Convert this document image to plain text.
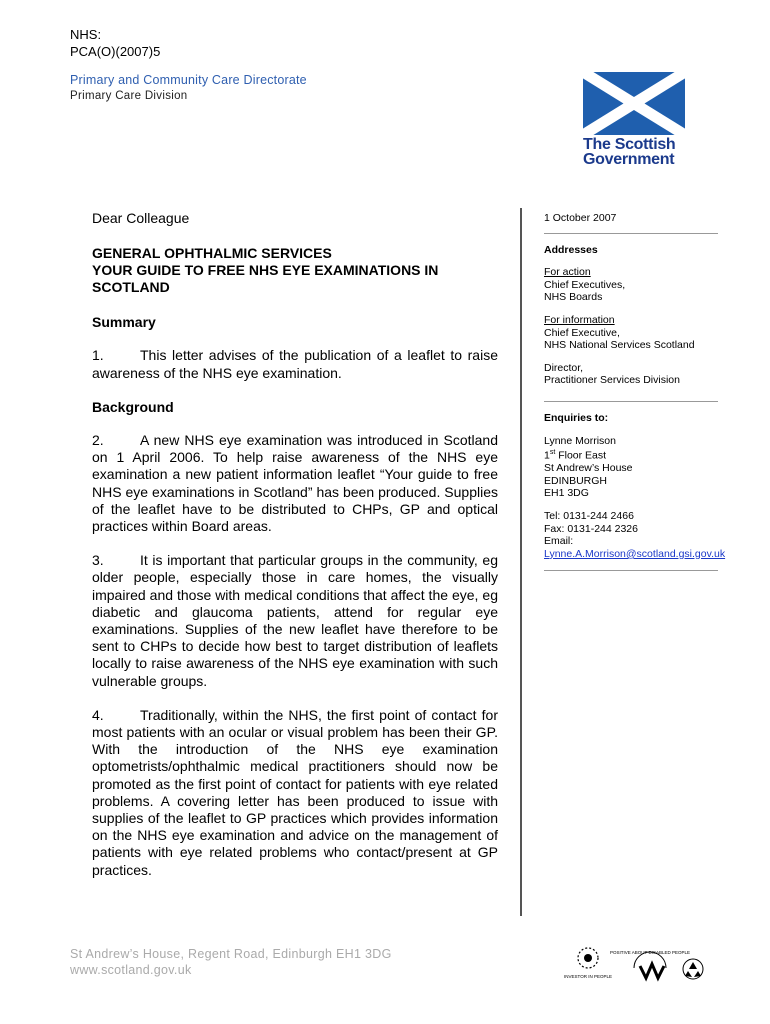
NHS:
PCA(O)(2007)5
Primary and Community Care Directorate
Primary Care Division
The Scottish
Government
Dear Colleague
GENERAL OPHTHALMIC SERVICES
YOUR GUIDE TO FREE NHS EYE EXAMINATIONS IN SCOTLAND
Summary
1.	This letter advises of the publication of a leaflet to raise awareness of the NHS eye examination.
Background
2.	A new NHS eye examination was introduced in Scotland on 1 April 2006. To help raise awareness of the NHS eye examination a new patient information leaflet “Your guide to free NHS eye examinations in Scotland” has been produced. Supplies of the leaflet have to be distributed to CHPs, GP and optical practices within Board areas.
3.	It is important that particular groups in the community, eg older people, especially those in care homes, the visually impaired and those with medical conditions that affect the eye, eg diabetic and glaucoma patients, attend for regular eye examinations. Supplies of the new leaflet have therefore to be sent to CHPs to decide how best to target distribution of leaflets locally to raise awareness of the NHS eye examination with such vulnerable groups.
4.	Traditionally, within the NHS, the first point of contact for most patients with an ocular or visual problem has been their GP. With the introduction of the NHS eye examination optometrists/ophthalmic medical practitioners should now be promoted as the first point of contact for patients with eye related problems. A covering letter has been produced to issue with supplies of the leaflet to GP practices which provides information on the NHS eye examination and advice on the management of patients with eye related problems who contact/present at GP practices.
1 October 2007
Addresses
For action
Chief Executives,
NHS Boards
For information
Chief Executive,
NHS National Services Scotland
Director,
Practitioner Services Division
Enquiries to:
Lynne Morrison
1st Floor East
St Andrew’s House
EDINBURGH
EH1 3DG
Tel: 0131-244 2466
Fax: 0131-244 2326
Email:
Lynne.A.Morrison@scotland.gsi.gov.uk
St Andrew’s House, Regent Road, Edinburgh EH1 3DG
www.scotland.gov.uk	INVESTOR IN PEOPLE
POSITIVE ABOUT DISABLED PEOPLE
